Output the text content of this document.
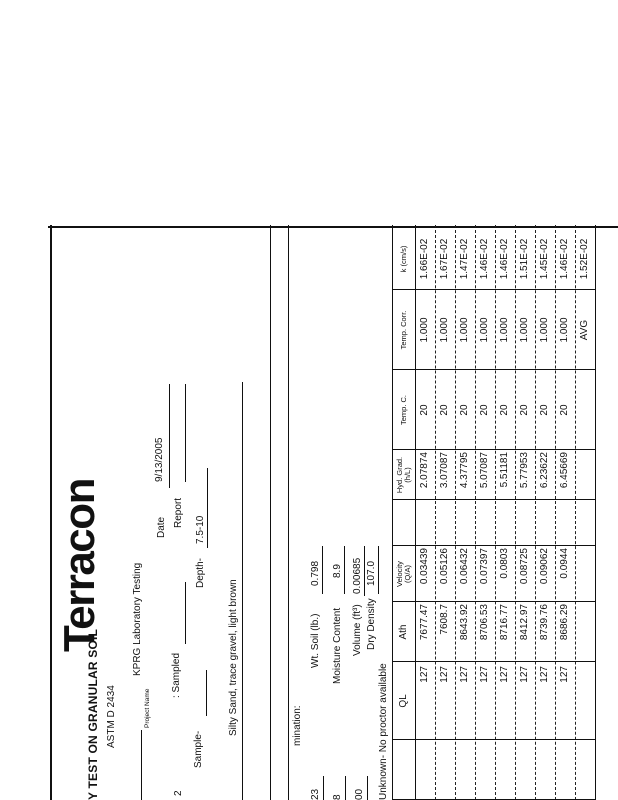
Terracon
Y TEST ON GRANULAR SOIL ASTM D 2434	Project Name
KPRG Laboratory Testing
Date
9/13/2005
: Sampled
Report
2
Sample-
Depth-
7.5-10
Silty Sand, trace gravel, light brown	mination:
23 8 00
Wt. Soil (lb.)
0.798
Moisture Content
8.9
Volume (ft³)
0.00685
Dry Density
107.0
Unknown- No proctor available QL
Ath
Velocity (Q/A)
Hyd. Grad. (h/L)
Temp. C.
Temp. Corr.
k (cm/s)
127
7677.47
0.03439
2.07874
20
1.000
1.66E-02
127
7608.7
0.05126
3.07087
20
1.000
1.67E-02
127
8643.92
0.06432
4.37795
20
1.000
1.47E-02
127
8706.53
0.07397
5.07087
20
1.000
1.46E-02
127
8716.77
0.0803
5.51181
20
1.000
1.46E-02
127
8412.97
0.08725
5.77953
20
1.000
1.51E-02
127
8739.76
0.09062
6.23622
20
1.000
1.45E-02
127
8686.29
0.0944
6.45669
20
1.000
1.46E-02
AVG
1.52E-02
